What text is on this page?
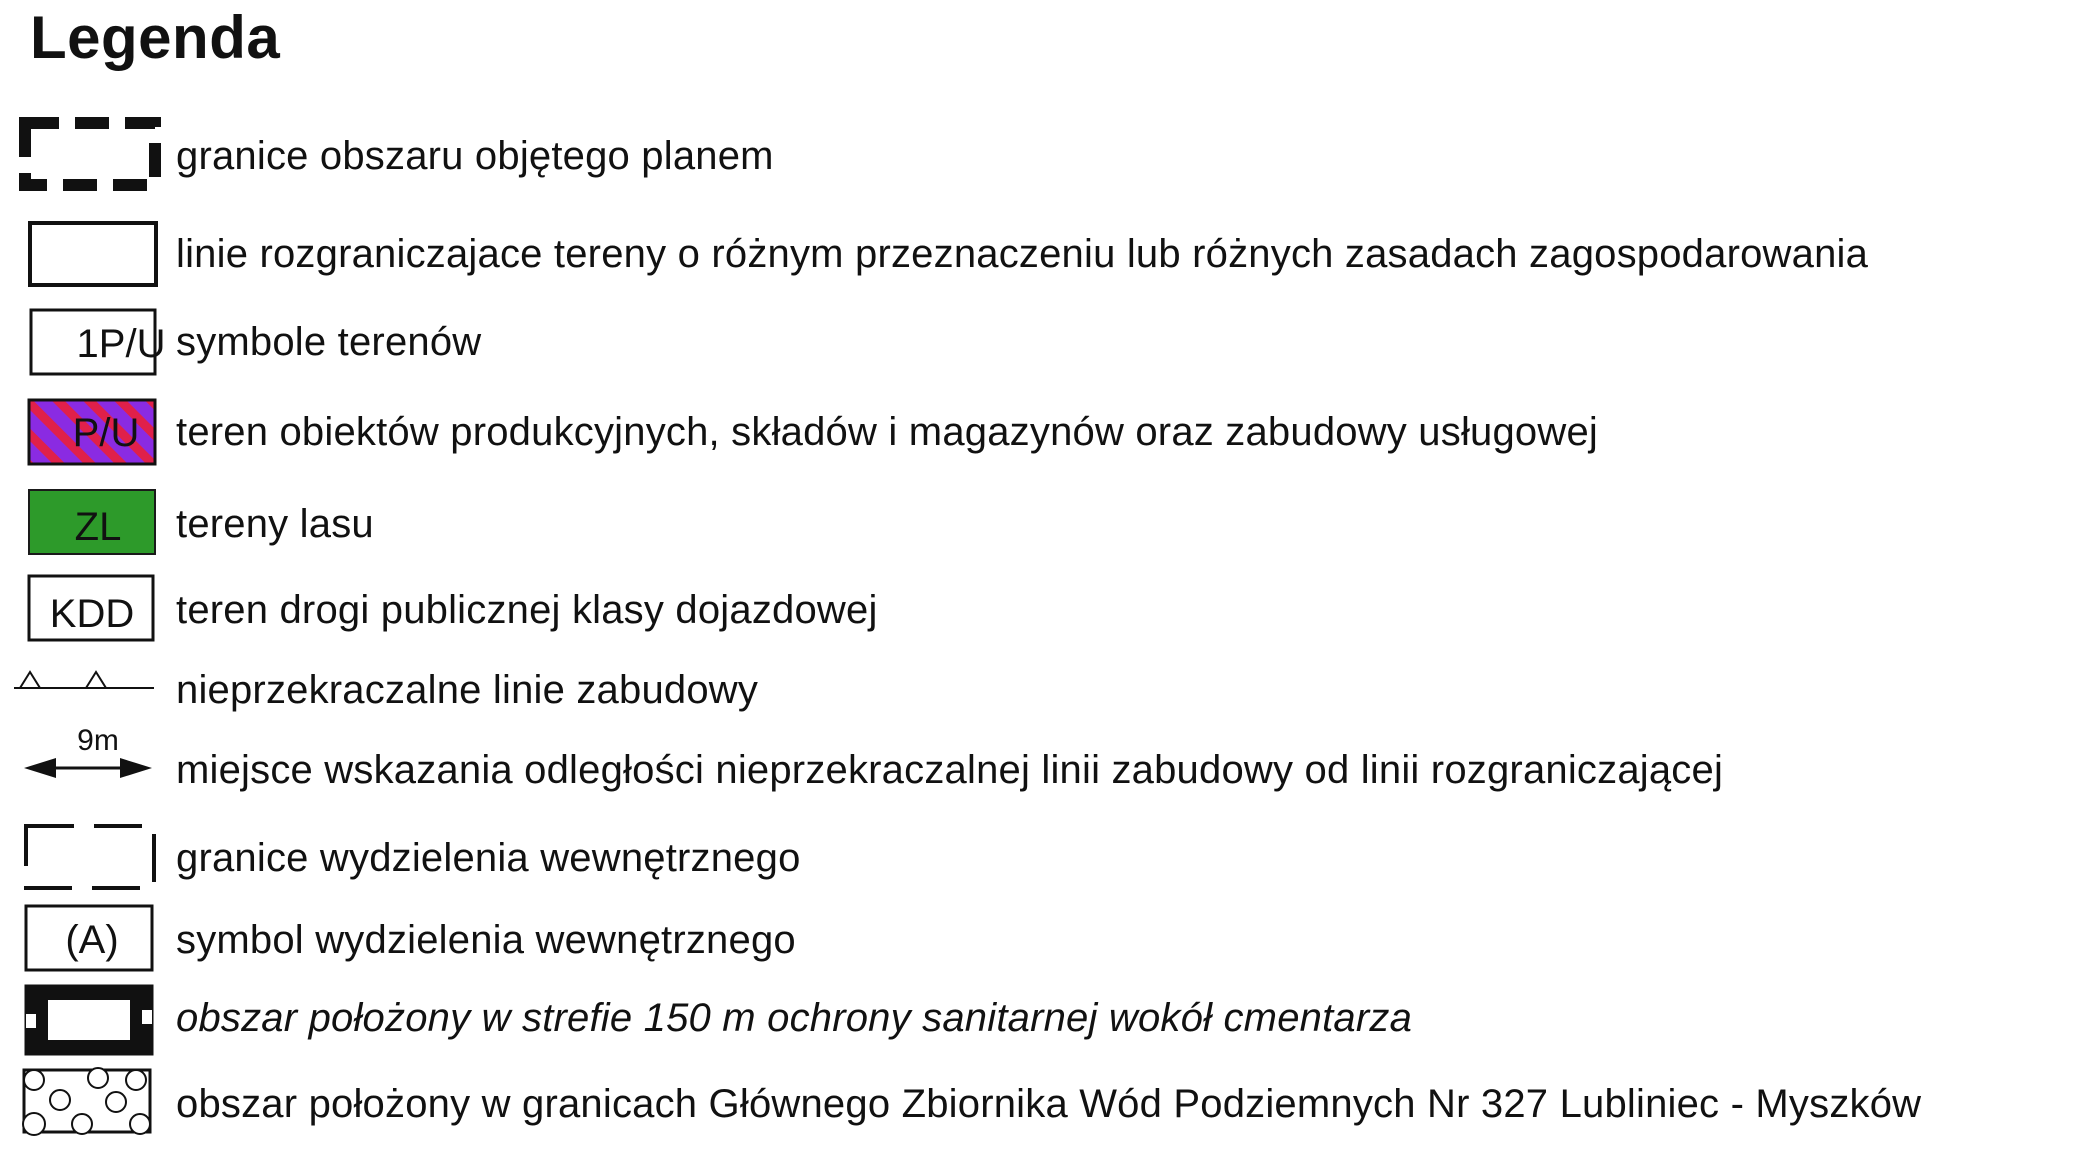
Legenda
granice obszaru objętego planem
linie rozgraniczajace tereny o różnym przeznaczeniu lub różnych zasadach zagospodarowania
1P/U symbole terenów
P/U teren obiektów produkcyjnych, składów i magazynów oraz zabudowy usługowej
ZL tereny lasu
KDD teren drogi publicznej klasy dojazdowej
nieprzekraczalne linie zabudowy
9m
miejsce wskazania odległości nieprzekraczalnej linii zabudowy od linii rozgraniczającej
granice wydzielenia wewnętrznego
(A) symbol wydzielenia wewnętrznego
obszar położony w strefie 150 m ochrony sanitarnej wokół cmentarza
obszar położony w granicach Głównego Zbiornika Wód Podziemnych Nr 327 Lubliniec - Myszków
